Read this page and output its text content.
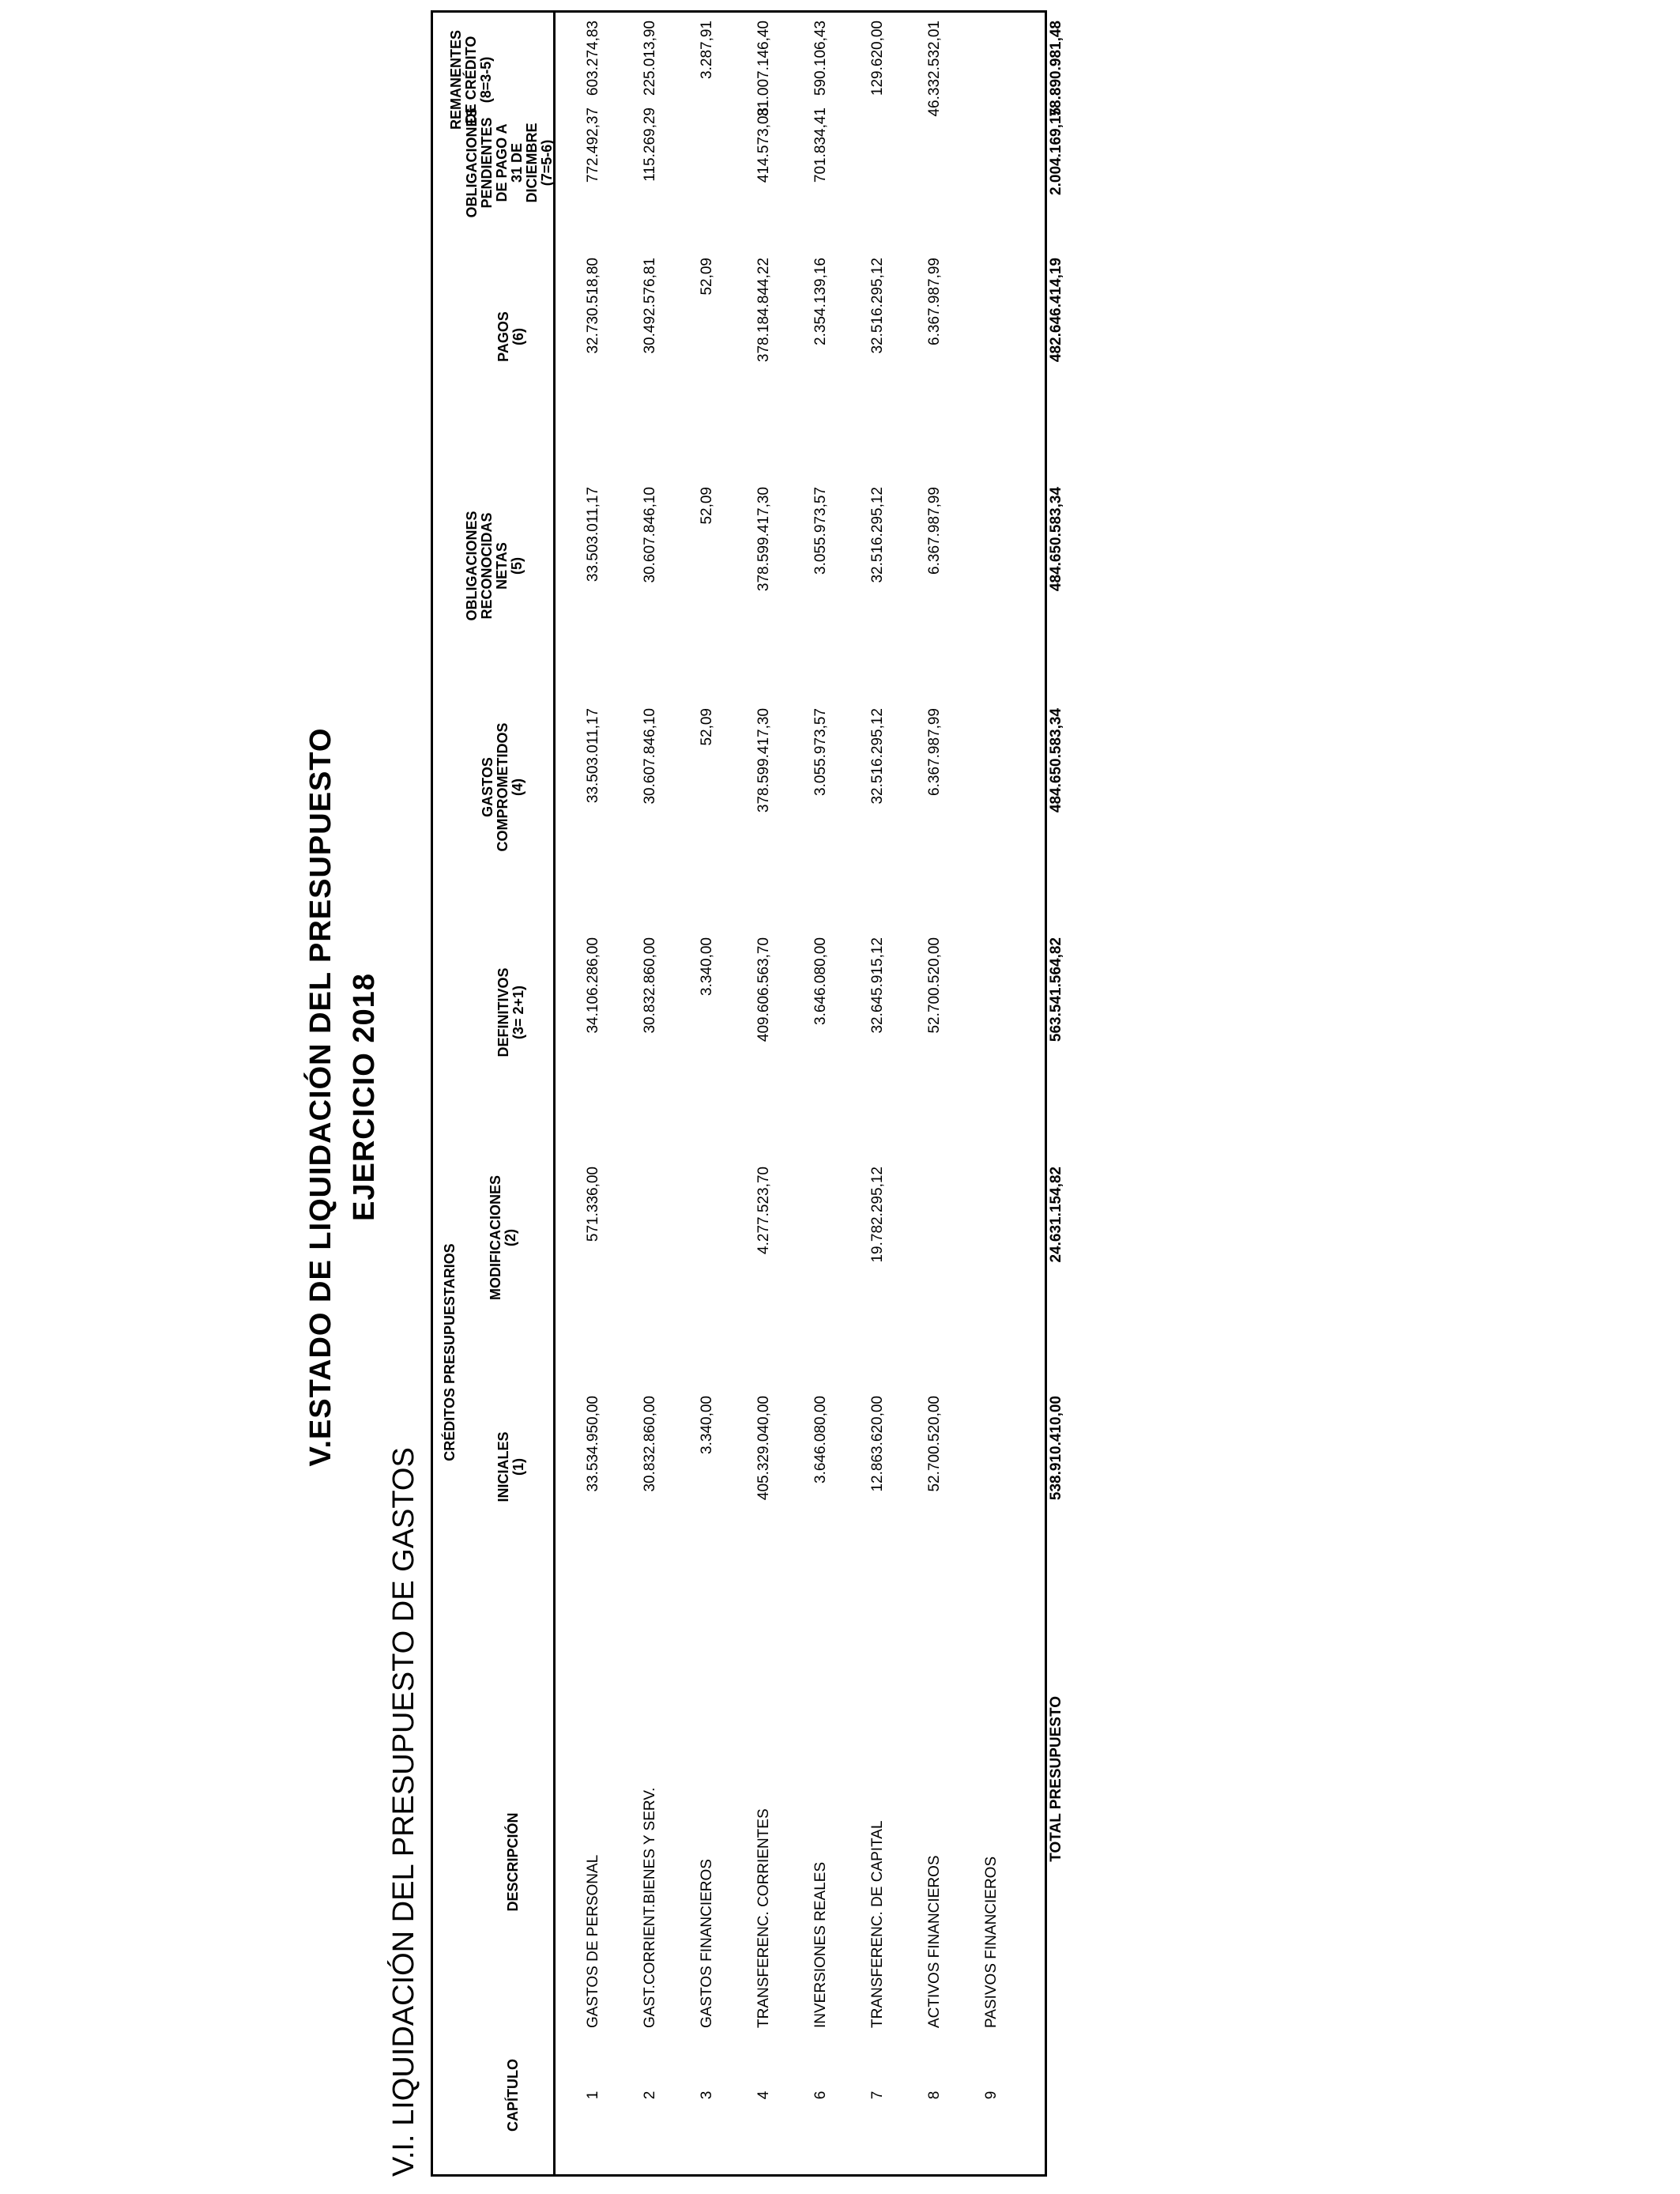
V.ESTADO DE LIQUIDACIÓN DEL PRESUPUESTO EJERCICIO 2018
V.I. LIQUIDACIÓN DEL PRESUPUESTO DE GASTOS	CAPÍTULO
DESCRIPCIÓN
CRÉDITOS PRESUPUESTARIOS
INICIALES
(1)
MODIFICACIONES
(2)
DEFINITIVOS
(3= 2+1)
GASTOS
COMPROMETIDOS
(4)
OBLIGACIONES
RECONOCIDAS
NETAS
(5)
PAGOS
(6)
OBLIGACIONES
PENDIENTES DE PAGO A
31 DE DICIEMBRE
(7=5-6)
REMANENTES
DE CRÉDITO
(8=3-5)
1
GASTOS DE PERSONAL
33.534.950,00
571.336,00
34.106.286,00
33.503.011,17
33.503.011,17
32.730.518,80
772.492,37
603.274,83
2
GAST.CORRIENT.BIENES Y SERV.
30.832.860,00
30.832.860,00
30.607.846,10
30.607.846,10
30.492.576,81
115.269,29
225.013,90
3
GASTOS FINANCIEROS
3.340,00
3.340,00
52,09
52,09
52,09
3.287,91
4
TRANSFERENC. CORRIENTES
405.329.040,00
4.277.523,70
409.606.563,70
378.599.417,30
378.599.417,30
378.184.844,22
414.573,08
31.007.146,40
6
INVERSIONES REALES
3.646.080,00
3.646.080,00
3.055.973,57
3.055.973,57
2.354.139,16
701.834,41
590.106,43
7
TRANSFERENC. DE CAPITAL
12.863.620,00
19.782.295,12
32.645.915,12
32.516.295,12
32.516.295,12
32.516.295,12
129.620,00
8
ACTIVOS FINANCIEROS
52.700.520,00
52.700.520,00
6.367.987,99
6.367.987,99
6.367.987,99
46.332.532,01
9
PASIVOS FINANCIEROS
TOTAL PRESUPUESTO
538.910.410,00
24.631.154,82
563.541.564,82
484.650.583,34
484.650.583,34
482.646.414,19
2.004.169,15
78.890.981,48
